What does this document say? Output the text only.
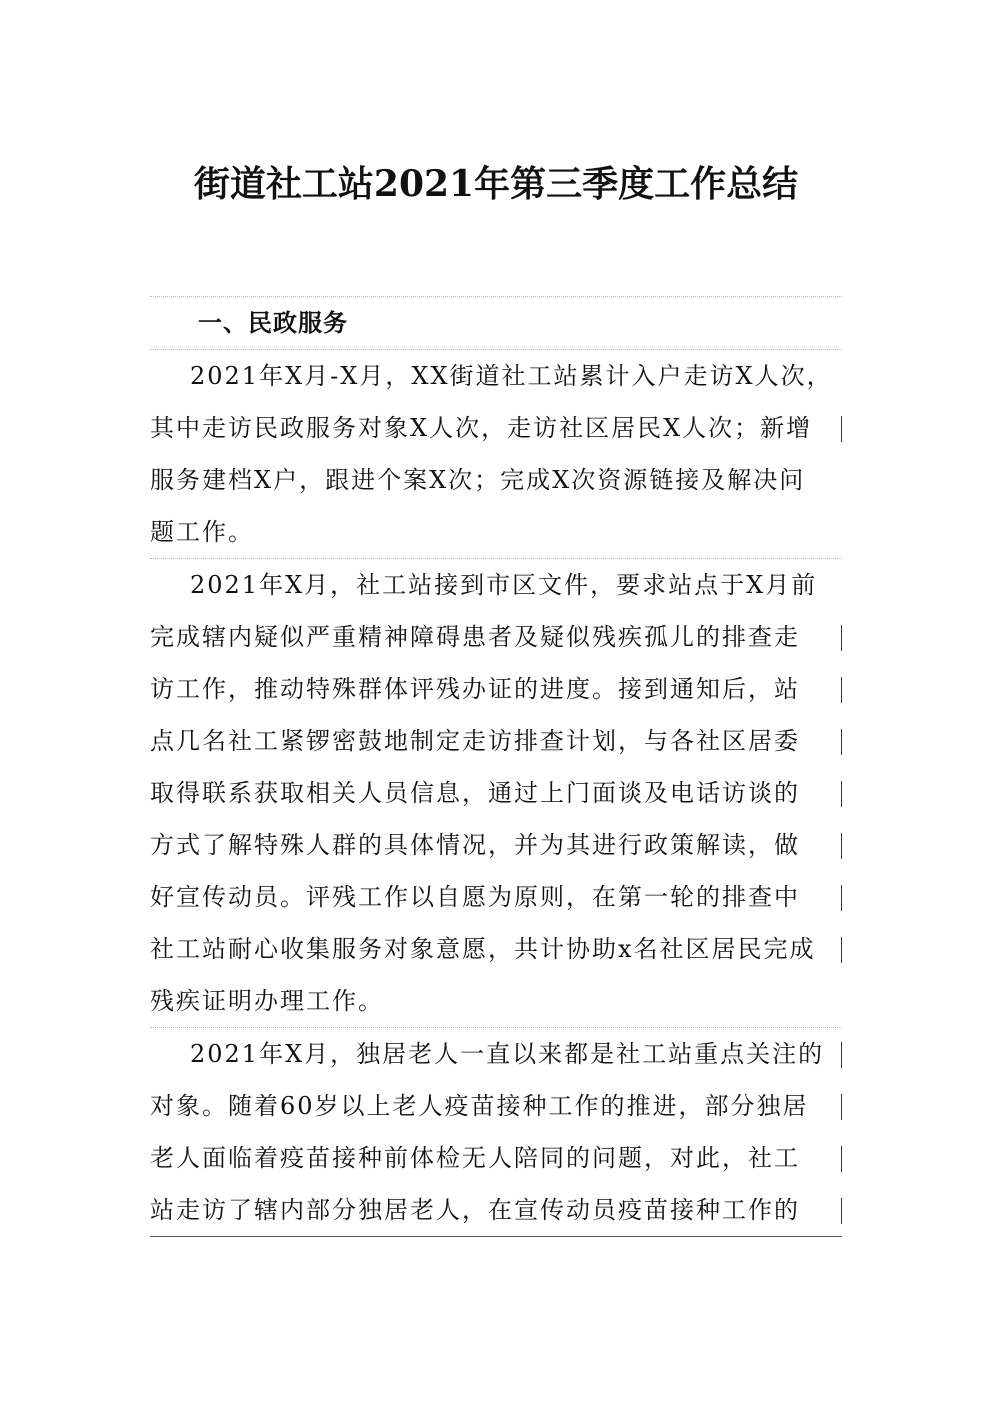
街道社工站2021年第三季度工作总结
一、民政服务
2021年X月-X月，XX街道社工站累计入户走访X人次，
其中走访民政服务对象X人次，走访社区居民X人次；新增
服务建档X户，跟进个案X次；完成X次资源链接及解决问
题工作。
2021年X月，社工站接到市区文件，要求站点于X月前
完成辖内疑似严重精神障碍患者及疑似残疾孤儿的排查走
访工作，推动特殊群体评残办证的进度。接到通知后，站
点几名社工紧锣密鼓地制定走访排查计划，与各社区居委
取得联系获取相关人员信息，通过上门面谈及电话访谈的
方式了解特殊人群的具体情况，并为其进行政策解读，做
好宣传动员。评残工作以自愿为原则，在第一轮的排查中
社工站耐心收集服务对象意愿，共计协助x名社区居民完成
残疾证明办理工作。
2021年X月，独居老人一直以来都是社工站重点关注的
对象。随着60岁以上老人疫苗接种工作的推进，部分独居
老人面临着疫苗接种前体检无人陪同的问题，对此，社工
站走访了辖内部分独居老人，在宣传动员疫苗接种工作的
